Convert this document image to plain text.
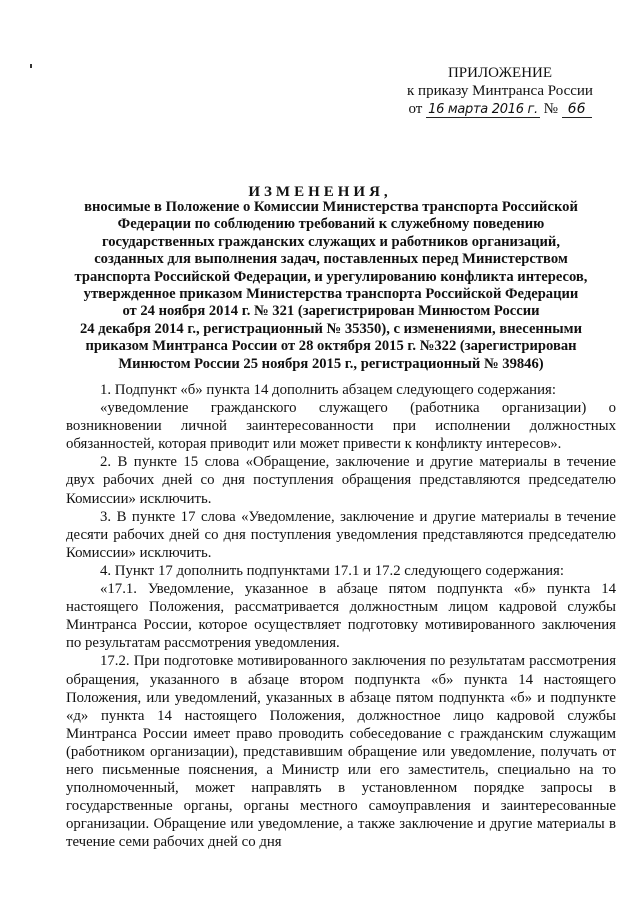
ПРИЛОЖЕНИЕ
к приказу Минтранса России
от 16 марта 2016 г. № 66
ИЗМЕНЕНИЯ,
вносимые в Положение о Комиссии Министерства транспорта Российской
Федерации по соблюдению требований к служебному поведению
государственных гражданских служащих и работников организаций,
созданных для выполнения задач, поставленных перед Министерством
транспорта Российской Федерации, и урегулированию конфликта интересов,
утвержденное приказом Министерства транспорта Российской Федерации
от 24 ноября 2014 г. № 321 (зарегистрирован Минюстом России
24 декабря 2014 г., регистрационный № 35350), с изменениями, внесенными
приказом Минтранса России от 28 октября 2015 г. №322 (зарегистрирован
Минюстом России 25 ноября 2015 г., регистрационный № 39846)

1. Подпункт «б» пункта 14 дополнить абзацем следующего содержания:

«уведомление гражданского служащего (работника организации) о возникновении личной заинтересованности при исполнении должностных обязанностей, которая приводит или может привести к конфликту интересов».

2. В пункте 15 слова «Обращение, заключение и другие материалы в течение двух рабочих дней со дня поступления обращения представляются председателю Комиссии» исключить.

3. В пункте 17 слова «Уведомление, заключение и другие материалы в течение десяти рабочих дней со дня поступления уведомления представляются председателю Комиссии» исключить.

4. Пункт 17 дополнить подпунктами 17.1 и 17.2 следующего содержания:

«17.1. Уведомление, указанное в абзаце пятом подпункта «б» пункта 14 настоящего Положения, рассматривается должностным лицом кадровой службы Минтранса России, которое осуществляет подготовку мотивированного заключения по результатам рассмотрения уведомления.

17.2. При подготовке мотивированного заключения по результатам рассмотрения обращения, указанного в абзаце втором подпункта «б» пункта 14 настоящего Положения, или уведомлений, указанных в абзаце пятом подпункта «б» и подпункте «д» пункта 14 настоящего Положения, должностное лицо кадровой службы Минтранса России имеет право проводить собеседование с гражданским служащим (работником организации), представившим обращение или уведомление, получать от него письменные пояснения, а Министр или его заместитель, специально на то уполномоченный, может направлять в установленном порядке запросы в государственные органы, органы местного самоуправления и заинтересованные организации. Обращение или уведомление, а также заключение и другие материалы в течение семи рабочих дней со дня
